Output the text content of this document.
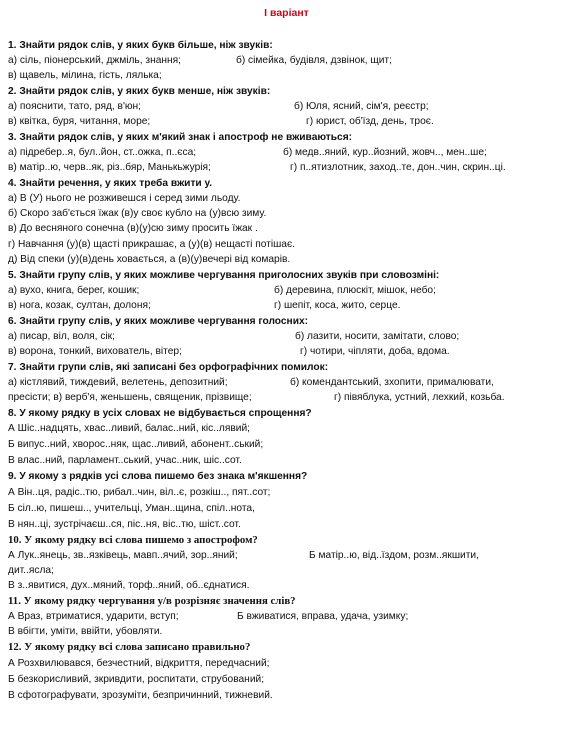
І варіант
1. Знайти рядок слів, у яких букв більше, ніж звуків:
а) сіль, піонерський, джміль, знання;	б) сімейка, будівля, дзвінок, щит;
в) щавель, мілина, гість, лялька;
2. Знайти рядок слів, у яких букв менше, ніж звуків:
а) пояснити, тато, ряд, в'юн;	б) Юля, ясний, сім'я, реєстр;
в) квітка, буря, читання, море;	г) юрист, об'їзд, день, троє.
3. Знайти рядок слів, у яких м'який знак і апостроф не вживаються:
а) підребер..я, бул..йон, ст..ожка, п..єса;	б) медв..яний, кур..йозний, жовч.., мен..ше;
в) матір..ю, черв..як, різ..бяр, Манькьжурія;	г) п..ятизлотник, заход..те, дон..чин, скрин..ці.
4. Знайти речення, у яких треба вжити у.
а) В (У) нього не розживешся і серед зими льоду.
б) Скоро заб'ється їжак (в)у своє кубло на (у)всю зиму.
в) До весняного сонечна (в)(у)сю зиму просить їжак .
г) Навчання (у)(в) щасті прикрашає, а (у)(в) нещасті потішає.
д) Від спеки (у)(в)день ховається, а (в)(у)вечері від комарів.
5. Знайти групу слів, у яких можливе чергування приголосних звуків при словозміні:
а) вухо, книга, берег, кошик;	б) деревина, плюскіт, мішок, небо;
в) нога, козак, султан, долоня;	г) шепіт, коса, жито, серце.
6. Знайти групу слів, у яких можливе чергування голосних:
а) писар, віл, воля, сік;	б) лазити, носити, замітати, слово;
в) ворона, тонкий, вихователь, вітер;	г) чотири, чіпляти, доба, вдома.
7. Знайти групи слів, які записані без орфографічних помилок:
а) кістлявий, тиждевий, велетень, депозитний;	б) комендантський, зхопити, прималювати,
пресісти; в) верб'я, женьшень, священик, прізвище;	г) півяблука, устний, лехкий, козьба.
8. У якому рядку в усіх словах не відбувається спрощення?
А Шіс..надцять, хвас..ливий, балас..ний, кіс..лявий;
Б випус..ний, хворос..няк, щас..ливий, абонент..ський;
В влас..ний, парламент..ський, учас..ник, шіс..сот.
9. У якому з рядків усі слова пишемо без знака м'якшення?
А Він..ця, радіс..тю, рибал..чин, віл..є, розкіш.., пят..сот;
Б сіл..ю, пишеш.., учительці, Уман..щина, спіл..нота,
В нян..ці, зустрічаєш..ся, піс..ня, віс..тю, шіст..сот.
10. У якому рядку всі слова пишемо з апострофом?
А Лук..янець, зв..язківець, мавп..ячий, зор..яний;	Б матір..ю, від..їздом, розм..якшити,
дит..ясла;
В з..явитися, дух..мяний, торф..яний, об..єднатися.
11. У якому рядку чергування у/в розрізняє значення слів?
А Враз, втриматися, ударити, вступ;	Б вживатися, вправа, удача, узимку;
В вбігти, уміти, ввійти, убовляти.
12. У якому рядку всі слова записано правильно?
А Розхвилювався, безчестний, відкриття, передчасний;
Б безкорисливий, зкривдити, роспитати, струбований;
В сфотографувати, зрозуміти, безпричинний, тижневий.
